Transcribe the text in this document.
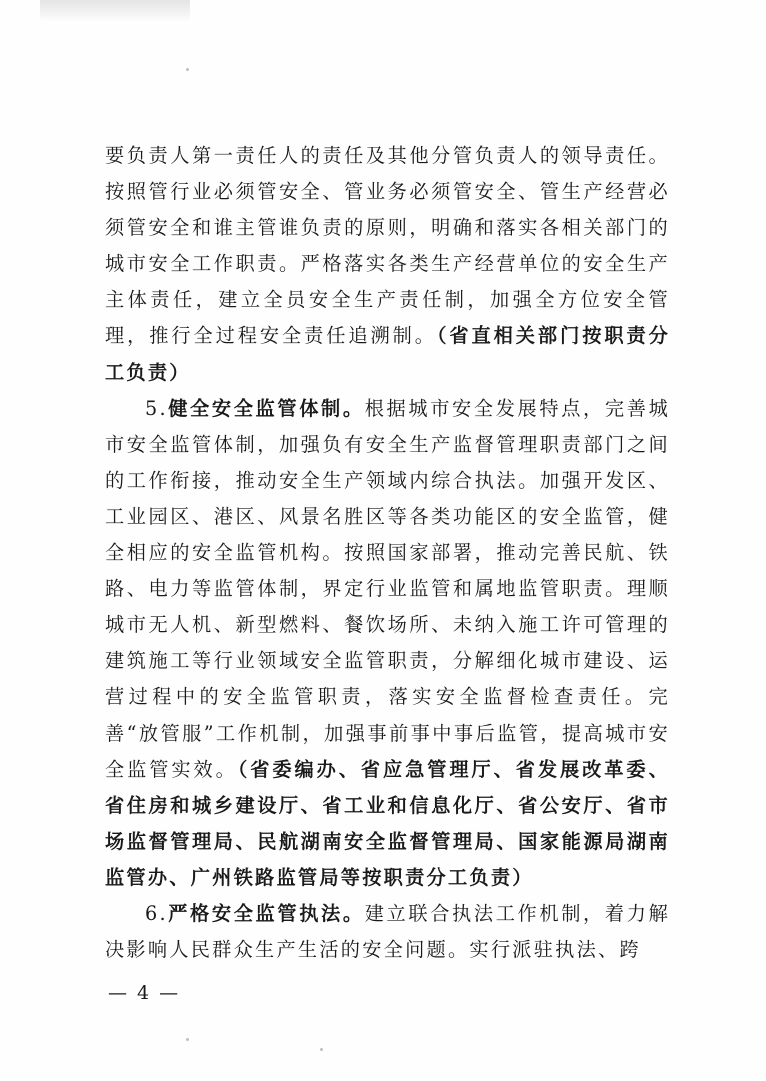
要负责人第一责任人的责任及其他分管负责人的领导责任。按照管行业必须管安全、管业务必须管安全、管生产经营必须管安全和谁主管谁负责的原则，明确和落实各相关部门的城市安全工作职责。严格落实各类生产经营单位的安全生产主体责任，建立全员安全生产责任制，加强全方位安全管理，推行全过程安全责任追溯制。（省直相关部门按职责分工负责）

5.健全安全监管体制。根据城市安全发展特点，完善城市安全监管体制，加强负有安全生产监督管理职责部门之间的工作衔接，推动安全生产领域内综合执法。加强开发区、工业园区、港区、风景名胜区等各类功能区的安全监管，健全相应的安全监管机构。按照国家部署，推动完善民航、铁路、电力等监管体制，界定行业监管和属地监管职责。理顺城市无人机、新型燃料、餐饮场所、未纳入施工许可管理的建筑施工等行业领域安全监管职责，分解细化城市建设、运营过程中的安全监管职责，落实安全监督检查责任。完善“放管服”工作机制，加强事前事中事后监管，提高城市安全监管实效。（省委编办、省应急管理厅、省发展改革委、省住房和城乡建设厅、省工业和信息化厅、省公安厅、省市场监督管理局、民航湖南安全监督管理局、国家能源局湖南监管办、广州铁路监管局等按职责分工负责）

6.严格安全监管执法。建立联合执法工作机制，着力解决影响人民群众生产生活的安全问题。实行派驻执法、跨

— 4 —
